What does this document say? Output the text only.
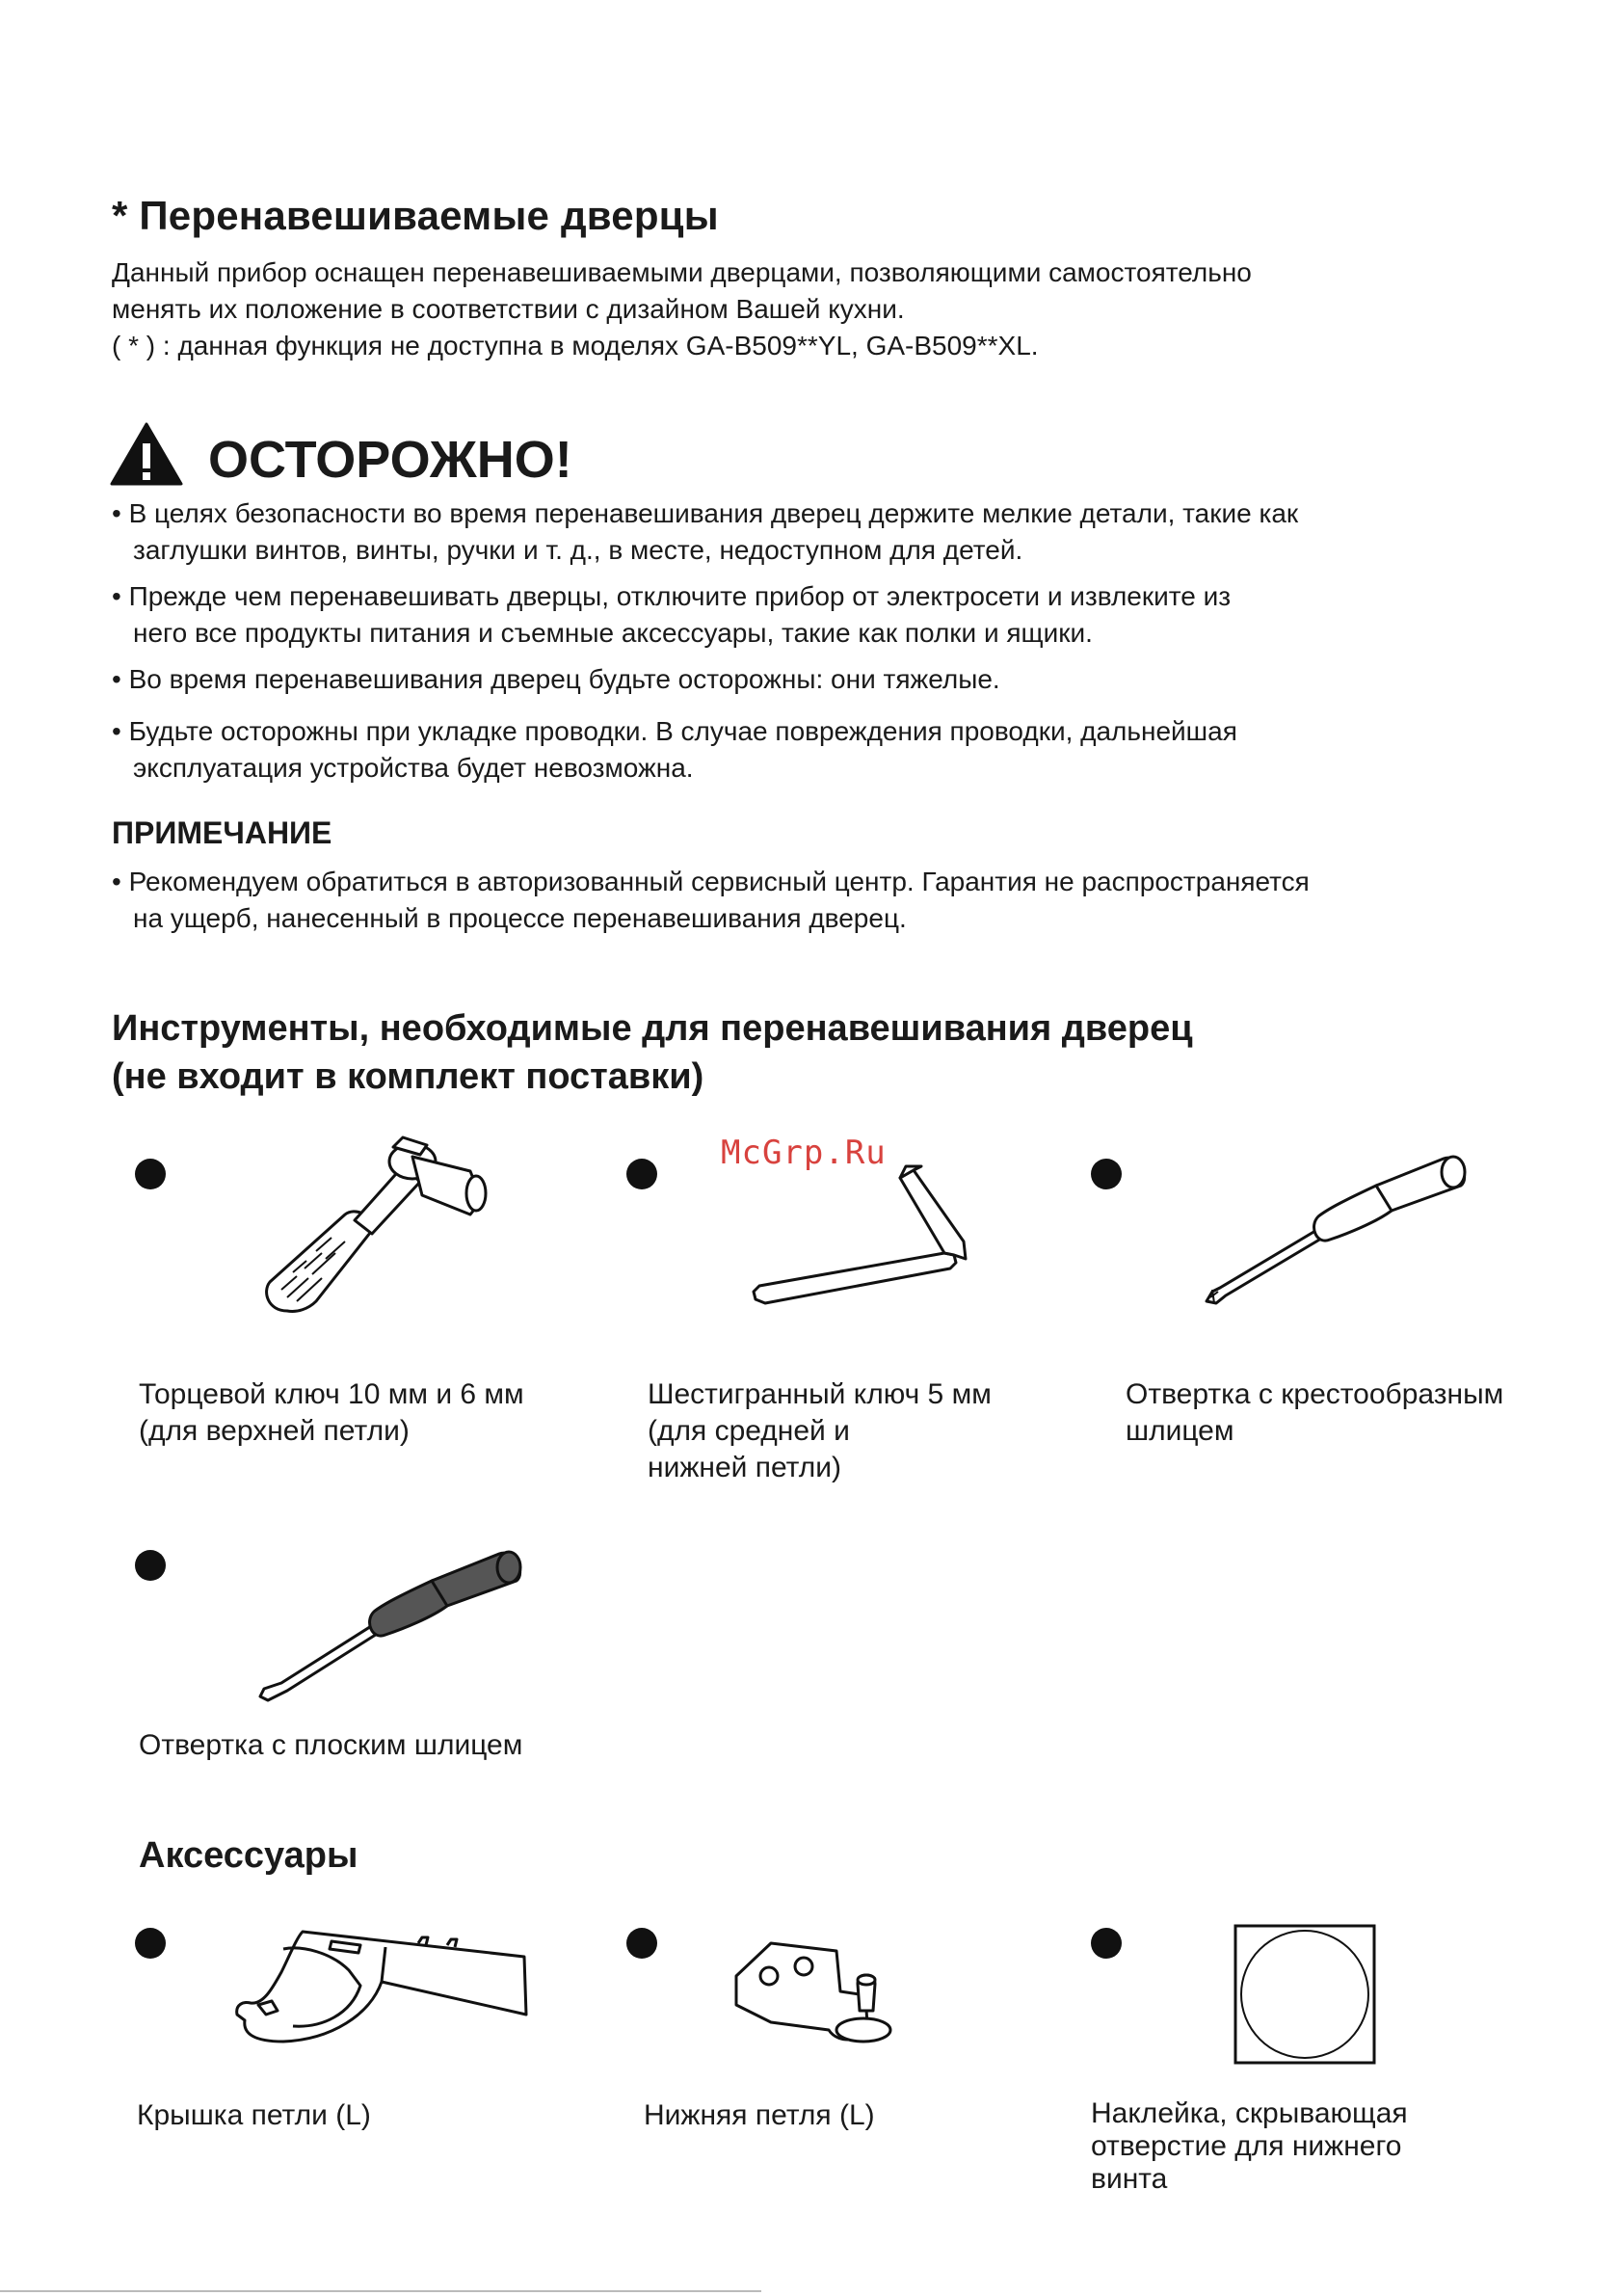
* Перенавешиваемые дверцы
Данный прибор оснащен перенавешиваемыми дверцами, позволяющими самостоятельно
менять их положение в соответствии с дизайном Вашей кухни.
( * ) : данная функция не доступна в моделях GA-B509**YL, GA-B509**XL.
ОСТОРОЖНО!
• В целях безопасности во время перенавешивания дверец держите мелкие детали, такие как
заглушки винтов, винты, ручки и т. д., в месте, недоступном для детей.
• Прежде чем перенавешивать дверцы, отключите прибор от электросети и извлеките из
него все продукты питания и съемные аксессуары, такие как полки и ящики.
• Во время перенавешивания дверец будьте осторожны: они тяжелые.
• Будьте осторожны при укладке проводки. В случае повреждения проводки, дальнейшая
эксплуатация устройства будет невозможна.
ПРИМЕЧАНИЕ
• Рекомендуем обратиться в авторизованный сервисный центр. Гарантия не распространяется
на ущерб, нанесенный в процессе перенавешивания дверец.
Инструменты, необходимые для перенавешивания дверец
(не входит в комплект поставки)
McGrp.Ru
Торцевой ключ 10 мм и 6 мм
(для верхней петли)
Шестигранный ключ 5 мм
(для средней и
нижней петли)
Отвертка с крестообразным
шлицем
Отвертка с плоским шлицем
Аксессуары
Крышка петли (L)	Нижняя петля (L)	Наклейка, скрывающая
отверстие для нижнего
винта
